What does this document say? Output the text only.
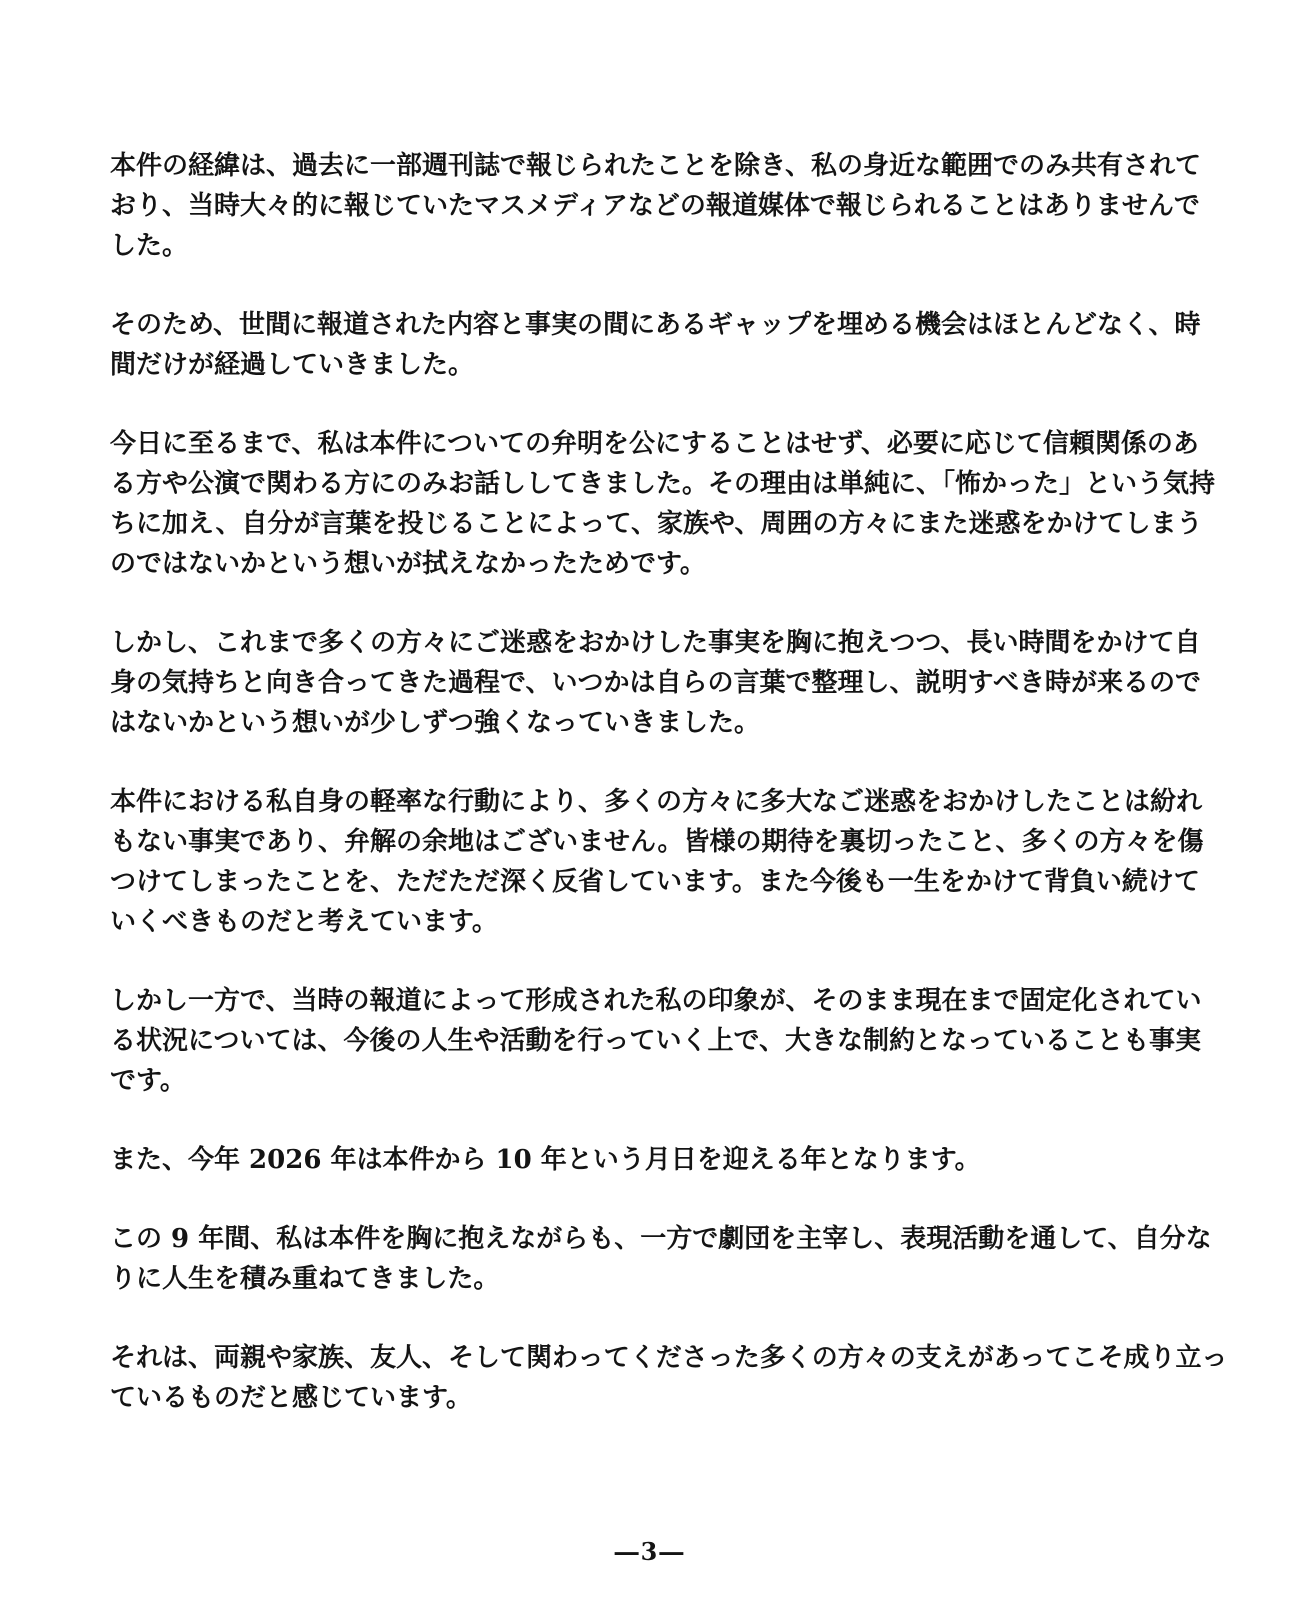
本件の経緯は、過去に一部週刊誌で報じられたことを除き、私の身近な範囲でのみ共有されて
おり、当時大々的に報じていたマスメディアなどの報道媒体で報じられることはありませんで
した。

そのため、世間に報道された内容と事実の間にあるギャップを埋める機会はほとんどなく、時
間だけが経過していきました。

今日に至るまで、私は本件についての弁明を公にすることはせず、必要に応じて信頼関係のあ
る方や公演で関わる方にのみお話ししてきました。その理由は単純に、「怖かった」という気持
ちに加え、自分が言葉を投じることによって、家族や、周囲の方々にまた迷惑をかけてしまう
のではないかという想いが拭えなかったためです。

しかし、これまで多くの方々にご迷惑をおかけした事実を胸に抱えつつ、長い時間をかけて自
身の気持ちと向き合ってきた過程で、いつかは自らの言葉で整理し、説明すべき時が来るので
はないかという想いが少しずつ強くなっていきました。

本件における私自身の軽率な行動により、多くの方々に多大なご迷惑をおかけしたことは紛れ
もない事実であり、弁解の余地はございません。皆様の期待を裏切ったこと、多くの方々を傷
つけてしまったことを、ただただ深く反省しています。また今後も一生をかけて背負い続けて
いくべきものだと考えています。

しかし一方で、当時の報道によって形成された私の印象が、そのまま現在まで固定化されてい
る状況については、今後の人生や活動を行っていく上で、大きな制約となっていることも事実
です。

また、今年 2026 年は本件から 10 年という月日を迎える年となります。

この 9 年間、私は本件を胸に抱えながらも、一方で劇団を主宰し、表現活動を通して、自分な
りに人生を積み重ねてきました。

それは、両親や家族、友人、そして関わってくださった多くの方々の支えがあってこそ成り立っ
ているものだと感じています。

―3―
